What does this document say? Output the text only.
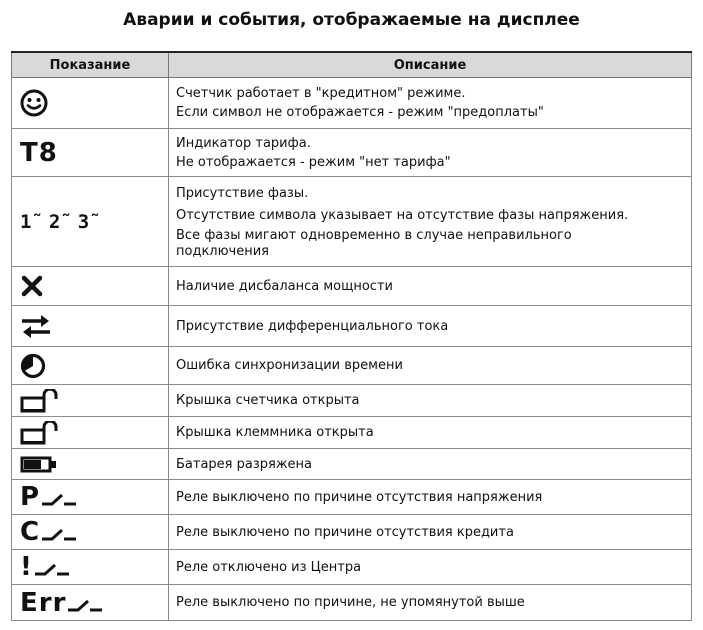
Аварии и события, отображаемые на дисплее
Показание	Описание

Счетчик работает в "кредитном" режиме.
Если символ не отображается - режим "предоплаты"

T8	Индикатор тарифа.
Не отображается - режим "нет тарифа"

1̃ 2̃ 3̃	Присутствие фазы.
Отсутствие символа указывает на отсутствие фазы напряжения.
Все фазы мигают одновременно в случае неправильного
подключения

Наличие дисбаланса мощности

Присутствие дифференциального тока

Ошибка синхронизации времени

Крышка счетчика открыта

Крышка клеммника открыта

Батарея разряжена

P	Реле выключено по причине отсутствия напряжения

C	Реле выключено по причине отсутствия кредита

!	Реле отключено из Центра

Err	Реле выключено по причине, не упомянутой выше
